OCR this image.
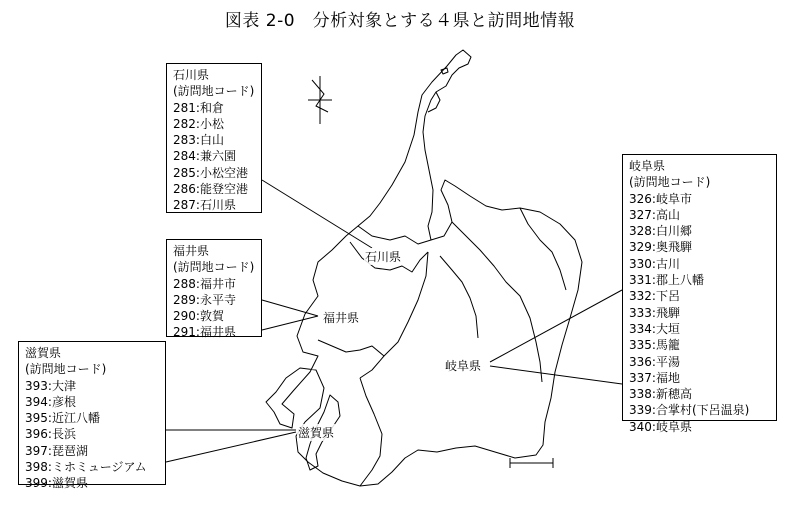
図表 2-0　分析対象とする４県と訪問地情報
石川県
福井県
滋賀県
岐阜県
石川県
(訪問地コード)
281:和倉
282:小松
283:白山
284:兼六園
285:小松空港
286:能登空港
287:石川県
福井県
(訪問地コード)
288:福井市
289:永平寺
290:敦賀
291:福井県
滋賀県
(訪問地コード)
393:大津
394:彦根
395:近江八幡
396:長浜
397:琵琶湖
398:ミホミュージアム
399:滋賀県
岐阜県
(訪問地コード)
326:岐阜市
327:高山
328:白川郷
329:奥飛騨
330:古川
331:郡上八幡
332:下呂
333:飛騨
334:大垣
335:馬籠
336:平湯
337:福地
338:新穂高
339:合掌村(下呂温泉)
340:岐阜県
